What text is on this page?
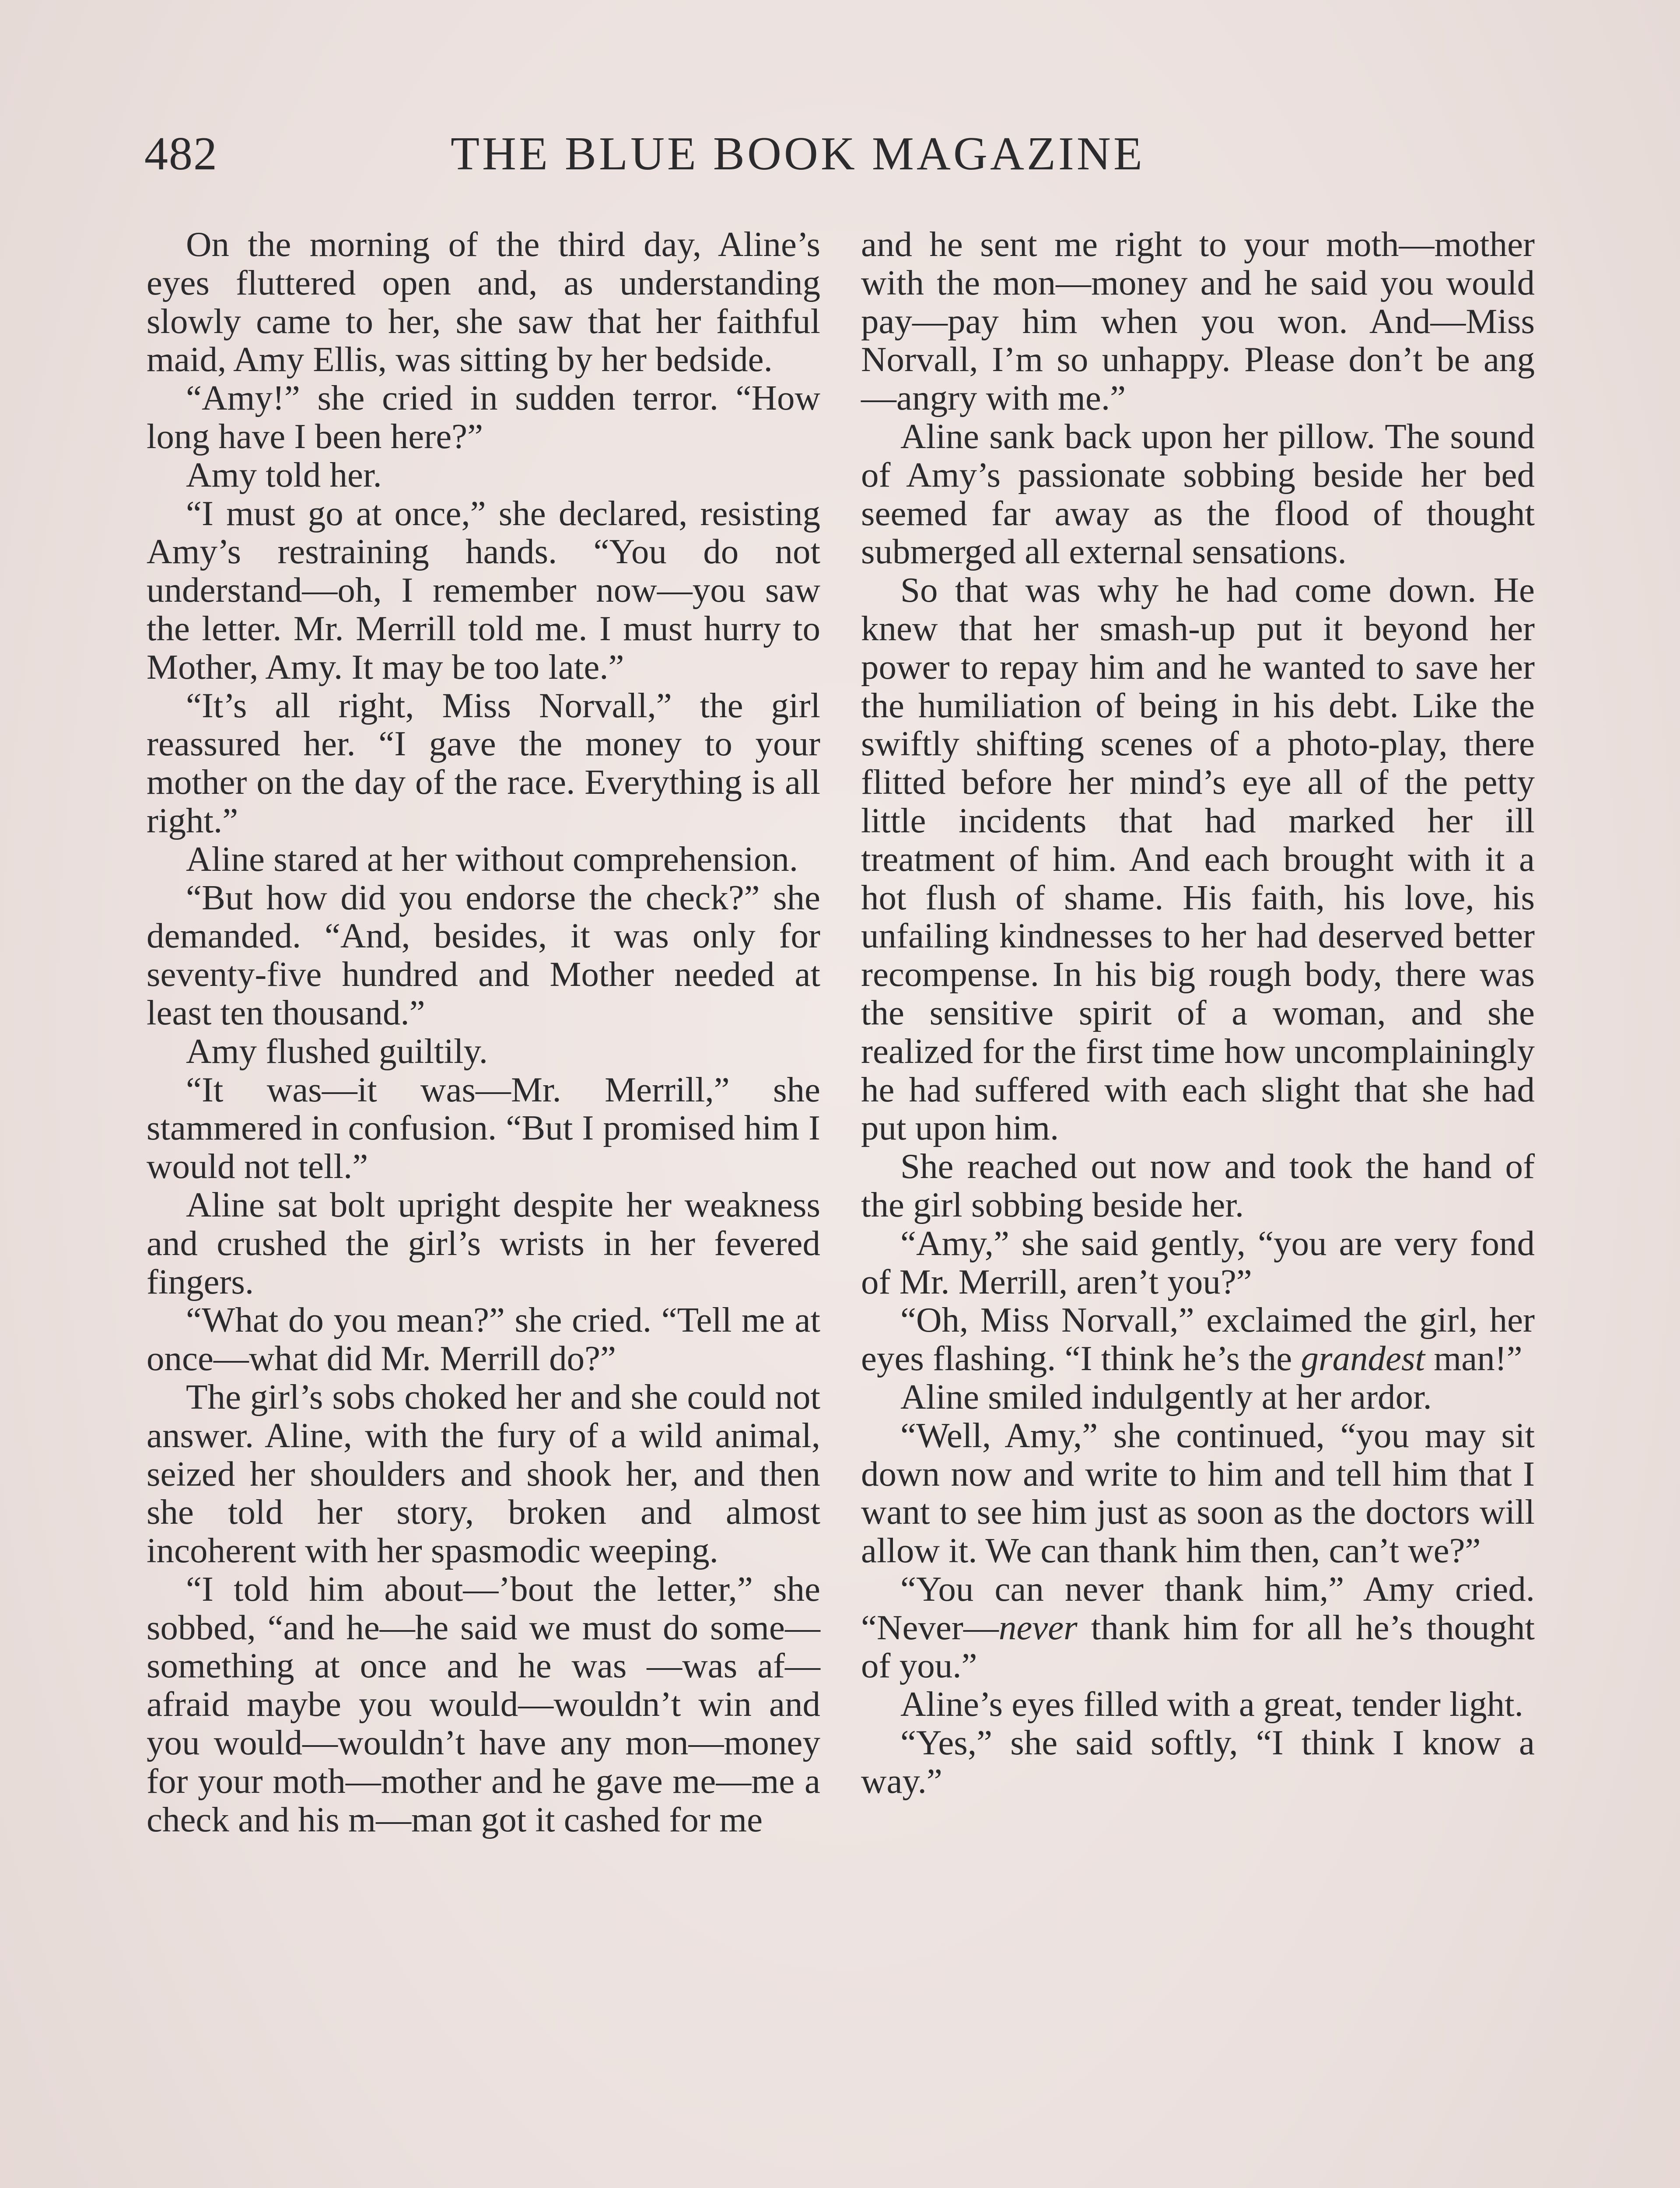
482	THE BLUE BOOK MAGAZINE

On the morning of the third day, Aline’s eyes fluttered open and, as understanding slowly came to her, she saw that her faithful maid, Amy Ellis, was sitting by her bedside.

“Amy!” she cried in sudden terror. “How long have I been here?”

Amy told her.

“I must go at once,” she declared, resisting Amy’s restraining hands. “You do not understand—oh, I remember now—you saw the letter. Mr. Merrill told me. I must hurry to Mother, Amy. It may be too late.”

“It’s all right, Miss Norvall,” the girl reassured her. “I gave the money to your mother on the day of the race. Everything is all right.”

Aline stared at her without comprehension.

“But how did you endorse the check?” she demanded. “And, besides, it was only for seventy-five hundred and Mother needed at least ten thousand.”

Amy flushed guiltily.

“It was—it was—Mr. Merrill,” she stammered in confusion. “But I promised him I would not tell.”

Aline sat bolt upright despite her weakness and crushed the girl’s wrists in her fevered fingers.

“What do you mean?” she cried. “Tell me at once—what did Mr. Merrill do?”

The girl’s sobs choked her and she could not answer. Aline, with the fury of a wild animal, seized her shoulders and shook her, and then she told her story, broken and almost incoherent with her spasmodic weeping.

“I told him about—’bout the letter,” she sobbed, “and he—he said we must do some—something at once and he was —was af—afraid maybe you would—wouldn’t win and you would—wouldn’t have any mon—money for your moth—mother and he gave me—me a check and his m—man got it cashed for me

and he sent me right to your moth—mother with the mon—money and he said you would pay—pay him when you won. And—Miss Norvall, I’m so unhappy. Please don’t be ang—angry with me.”

Aline sank back upon her pillow. The sound of Amy’s passionate sobbing beside her bed seemed far away as the flood of thought submerged all external sensations.

So that was why he had come down. He knew that her smash-up put it beyond her power to repay him and he wanted to save her the humiliation of being in his debt. Like the swiftly shifting scenes of a photo-play, there flitted before her mind’s eye all of the petty little incidents that had marked her ill treatment of him. And each brought with it a hot flush of shame. His faith, his love, his unfailing kindnesses to her had deserved better recompense. In his big rough body, there was the sensitive spirit of a woman, and she realized for the first time how uncomplainingly he had suffered with each slight that she had put upon him.

She reached out now and took the hand of the girl sobbing beside her.

“Amy,” she said gently, “you are very fond of Mr. Merrill, aren’t you?”

“Oh, Miss Norvall,” exclaimed the girl, her eyes flashing. “I think he’s the grandest man!”

Aline smiled indulgently at her ardor.

“Well, Amy,” she continued, “you may sit down now and write to him and tell him that I want to see him just as soon as the doctors will allow it. We can thank him then, can’t we?”

“You can never thank him,” Amy cried. “Never—never thank him for all he’s thought of you.”

Aline’s eyes filled with a great, tender light.

“Yes,” she said softly, “I think I know a way.”
